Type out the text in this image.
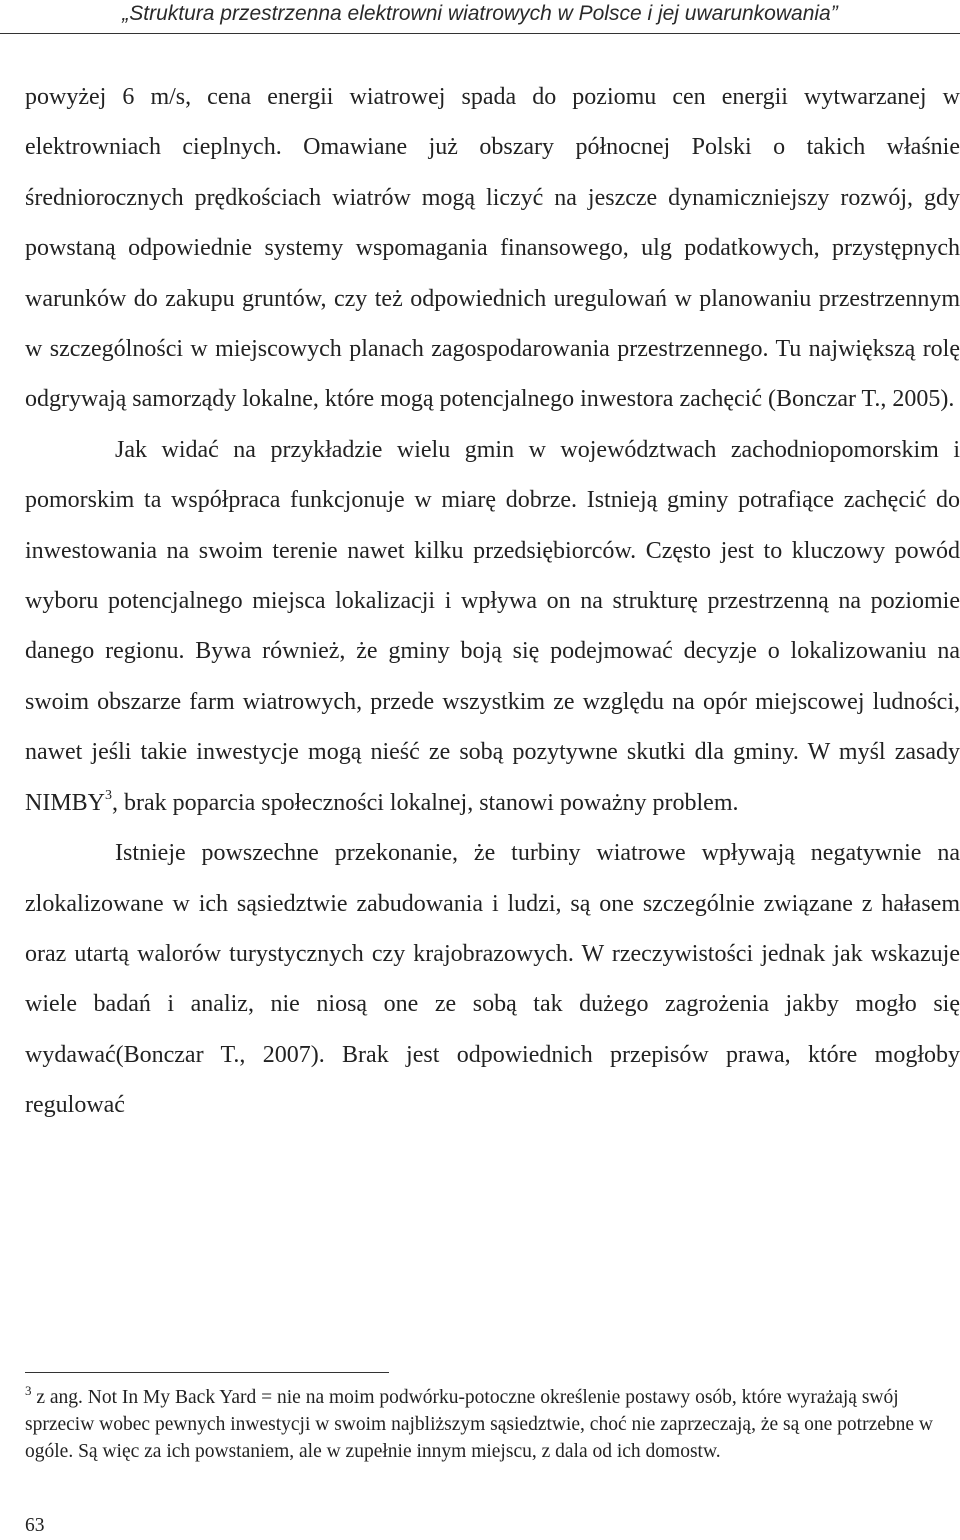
„Struktura przestrzenna elektrowni wiatrowych w Polsce i jej uwarunkowania”

powyżej 6 m/s, cena energii wiatrowej spada do poziomu cen energii wytwarzanej w elektrowniach cieplnych. Omawiane już obszary północnej Polski o takich właśnie średniorocznych prędkościach wiatrów mogą liczyć na jeszcze dynamiczniejszy rozwój, gdy powstaną odpowiednie systemy wspomagania finansowego, ulg podatkowych, przystępnych warunków do zakupu gruntów, czy też odpowiednich uregulowań w planowaniu przestrzennym w szczególności w miejscowych planach zagospodarowania przestrzennego. Tu największą rolę odgrywają samorządy lokalne, które mogą potencjalnego inwestora zachęcić (Bonczar T., 2005).

Jak widać na przykładzie wielu gmin w województwach zachodniopomorskim i pomorskim ta współpraca funkcjonuje w miarę dobrze. Istnieją gminy potrafiące zachęcić do inwestowania na swoim terenie nawet kilku przedsiębiorców. Często jest to kluczowy powód wyboru potencjalnego miejsca lokalizacji i wpływa on na strukturę przestrzenną na poziomie danego regionu. Bywa również, że gminy boją się podejmować decyzje o lokalizowaniu na swoim obszarze farm wiatrowych, przede wszystkim ze względu na opór miejscowej ludności, nawet jeśli takie inwestycje mogą nieść ze sobą pozytywne skutki dla gminy. W myśl zasady NIMBY$^3$, brak poparcia społeczności lokalnej, stanowi poważny problem.

Istnieje powszechne przekonanie, że turbiny wiatrowe wpływają negatywnie na zlokalizowane w ich sąsiedztwie zabudowania i ludzi, są one szczególnie związane z hałasem oraz utartą walorów turystycznych czy krajobrazowych. W rzeczywistości jednak jak wskazuje wiele badań i analiz, nie niosą one ze sobą tak dużego zagrożenia jakby mogło się wydawać(Bonczar T., 2007). Brak jest odpowiednich przepisów prawa, które mogłoby regulować

$^3$ z ang. Not In My Back Yard = nie na moim podwórku-potoczne określenie postawy osób, które wyrażają swój sprzeciw wobec pewnych inwestycji w swoim najbliższym sąsiedztwie, choć nie zaprzeczają, że są one potrzebne w ogóle. Są więc za ich powstaniem, ale w zupełnie innym miejscu, z dala od ich domostw.
63
